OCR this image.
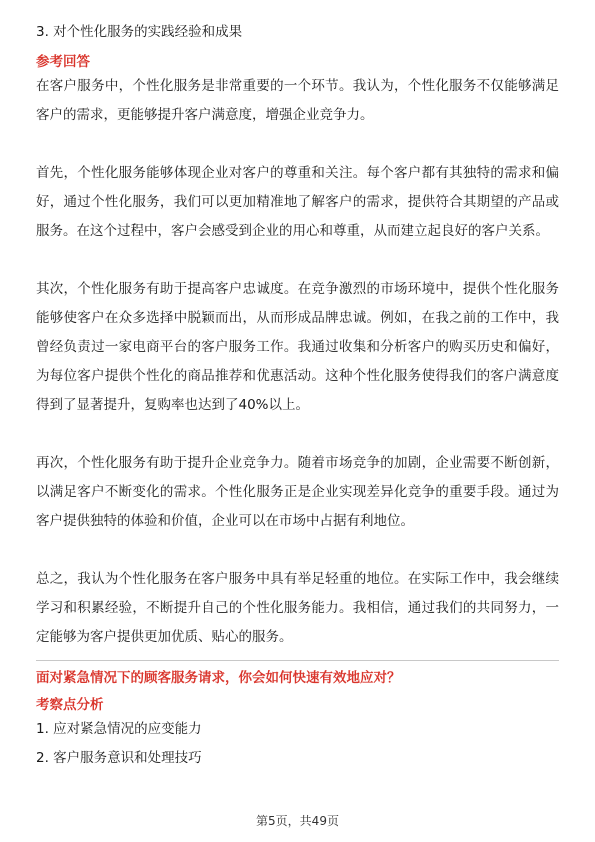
3. 对个性化服务的实践经验和成果

参考回答

在客户服务中，个性化服务是非常重要的一个环节。我认为，个性化服务不仅能够满足客户的需求，更能够提升客户满意度，增强企业竞争力。

首先，个性化服务能够体现企业对客户的尊重和关注。每个客户都有其独特的需求和偏好，通过个性化服务，我们可以更加精准地了解客户的需求，提供符合其期望的产品或服务。在这个过程中，客户会感受到企业的用心和尊重，从而建立起良好的客户关系。

其次，个性化服务有助于提高客户忠诚度。在竞争激烈的市场环境中，提供个性化服务能够使客户在众多选择中脱颖而出，从而形成品牌忠诚。例如，在我之前的工作中，我曾经负责过一家电商平台的客户服务工作。我通过收集和分析客户的购买历史和偏好，为每位客户提供个性化的商品推荐和优惠活动。这种个性化服务使得我们的客户满意度得到了显著提升，复购率也达到了40%以上。

再次，个性化服务有助于提升企业竞争力。随着市场竞争的加剧，企业需要不断创新，以满足客户不断变化的需求。个性化服务正是企业实现差异化竞争的重要手段。通过为客户提供独特的体验和价值，企业可以在市场中占据有利地位。

总之，我认为个性化服务在客户服务中具有举足轻重的地位。在实际工作中，我会继续学习和积累经验，不断提升自己的个性化服务能力。我相信，通过我们的共同努力，一定能够为客户提供更加优质、贴心的服务。

面对紧急情况下的顾客服务请求，你会如何快速有效地应对？

考察点分析

1. 应对紧急情况的应变能力

2. 客户服务意识和处理技巧

第5页，共49页
